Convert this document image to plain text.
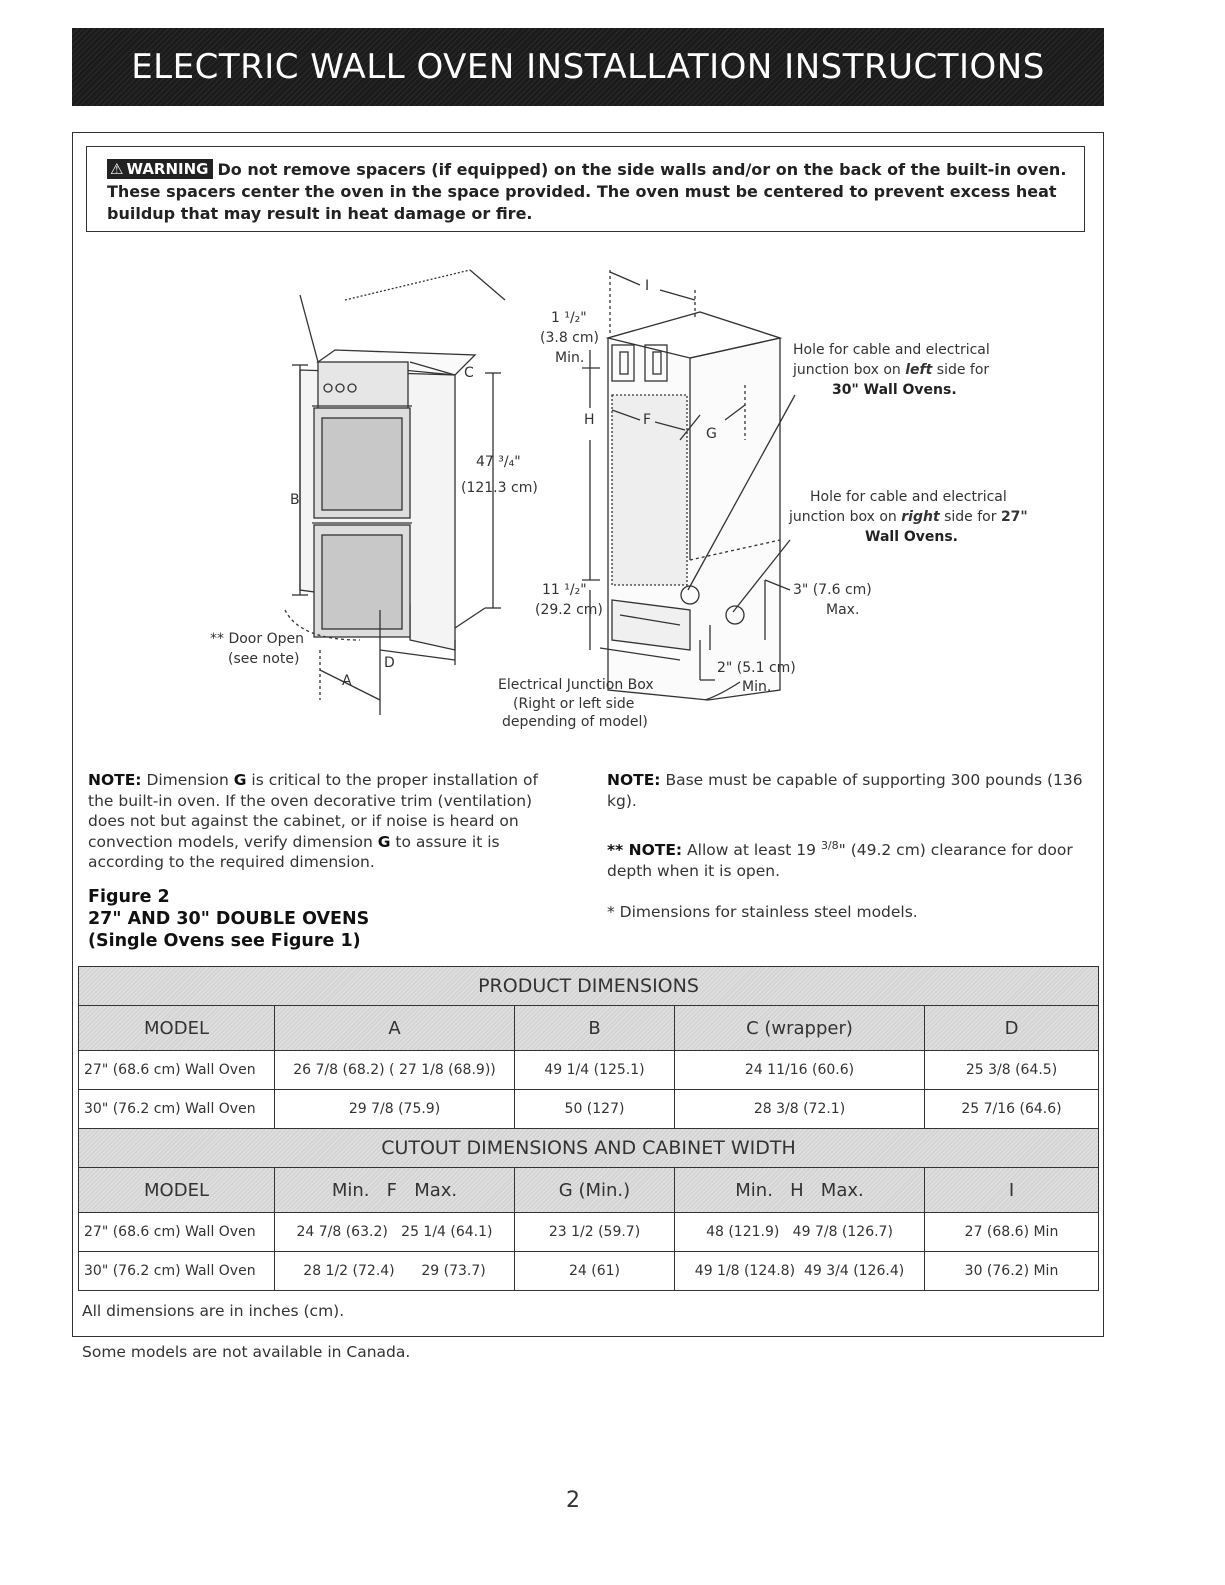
ELECTRIC WALL OVEN INSTALLATION INSTRUCTIONS
⚠ WARNING Do not remove spacers (if equipped) on the side walls and/or on the back of the built-in oven. These spacers center the oven in the space provided. The oven must be centered to prevent excess heat buildup that may result in heat damage or fire.
C
B
D
A
I
H	F
G
47 ³/₄"
(121.3 cm)
1 ¹/₂"
(3.8 cm)
Min.
11 ¹/₂"
(29.2 cm)
** Door Open
(see note)
Hole for cable and electrical
junction box on left side for
30" Wall Ovens.
Hole for cable and electrical
junction box on right side for 27"
Wall Ovens.
3" (7.6 cm)
Max.
2" (5.1 cm)
Min.
Electrical Junction Box
(Right or left side
depending of model)
NOTE: Dimension G is critical to the proper installation of the built-in oven. If the oven decorative trim (ventilation) does not but against the cabinet, or if noise is heard on convection models, verify dimension G to assure it is according to the required dimension.
NOTE: Base must be capable of supporting 300 pounds (136 kg).
** NOTE: Allow at least 19 $^{3/8}$" (49.2 cm) clearance for door depth when it is open.
* Dimensions for stainless steel models.
Figure 2
27" AND 30" DOUBLE OVENS
(Single Ovens see Figure 1)
PRODUCT DIMENSIONS				
MODEL	A	B	C (wrapper)	D
27" (68.6 cm) Wall Oven	26 7/8 (68.2) ( 27 1/8 (68.9))	49 1/4 (125.1)	24 11/16 (60.6)	25 3/8 (64.5)
30" (76.2 cm) Wall Oven	29 7/8 (75.9)	50 (127)	28 3/8 (72.1)	25 7/16 (64.6)
CUTOUT DIMENSIONS AND CABINET WIDTH				
MODEL	Min.   F   Max.	G (Min.)	Min.   H   Max.	I
27" (68.6 cm) Wall Oven	24 7/8 (63.2)   25 1/4 (64.1)	23 1/2 (59.7)	48 (121.9)   49 7/8 (126.7)	27 (68.6) Min
30" (76.2 cm) Wall Oven	28 1/2 (72.4)      29 (73.7)	24 (61)	49 1/8 (124.8)  49 3/4 (126.4)	30 (76.2) Min
All dimensions are in inches (cm).
Some models are not available in Canada.
2
